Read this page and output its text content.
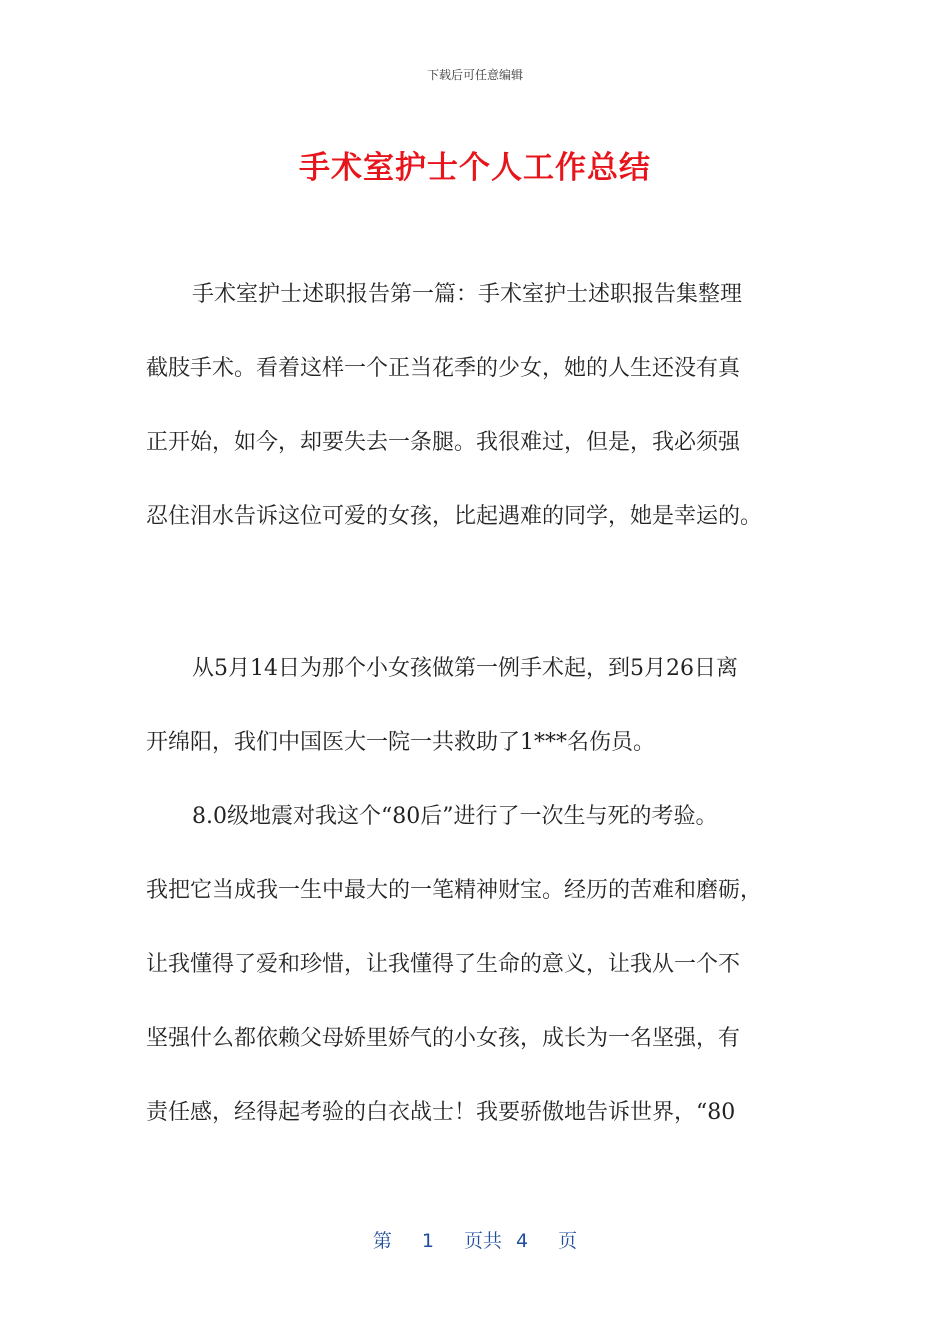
下载后可任意编辑
手术室护士个人工作总结
手术室护士述职报告第一篇：手术室护士述职报告集整理
截肢手术。看着这样一个正当花季的少女，她的人生还没有真
正开始，如今，却要失去一条腿。我很难过，但是，我必须强
忍住泪水告诉这位可爱的女孩，比起遇难的同学，她是幸运的。
从5月14日为那个小女孩做第一例手术起，到5月26日离
开绵阳，我们中国医大一院一共救助了1***名伤员。
8.0级地震对我这个“80后”进行了一次生与死的考验。
我把它当成我一生中最大的一笔精神财宝。经历的苦难和磨砺，
让我懂得了爱和珍惜，让我懂得了生命的意义，让我从一个不
坚强什么都依赖父母娇里娇气的小女孩，成长为一名坚强，有
责任感，经得起考验的白衣战士！我要骄傲地告诉世界，“80
第 1 页共 4 页
